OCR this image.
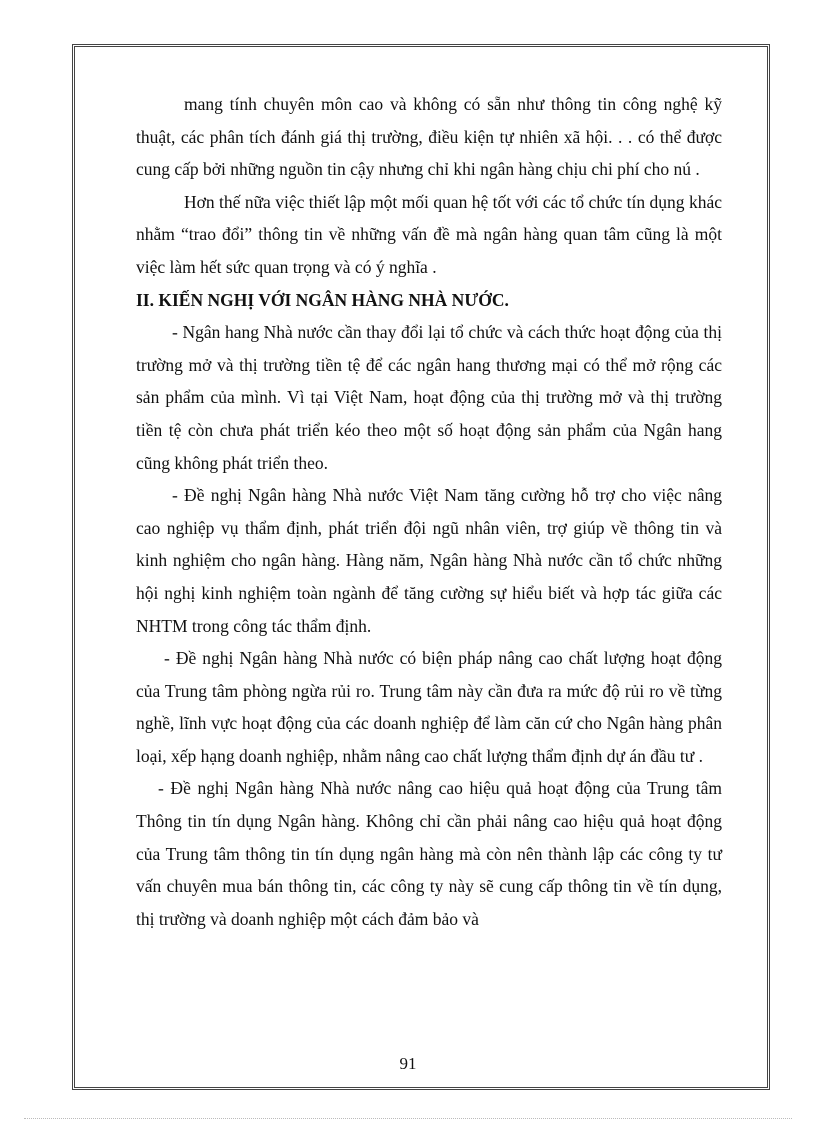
mang tính chuyên môn cao và không có sẵn như thông tin công nghệ kỹ thuật, các phân tích đánh giá thị trường, điều kiện tự nhiên xã hội. . . có thể được cung cấp bởi những nguồn tin cậy nhưng chỉ khi ngân hàng chịu chi phí cho nú .

Hơn thế nữa việc thiết lập một mối quan hệ tốt với các tổ chức tín dụng khác nhằm “trao đổi” thông tin về những vấn đề mà ngân hàng quan tâm cũng là một việc làm hết sức quan trọng và có ý nghĩa .

II. KIẾN NGHỊ VỚI NGÂN HÀNG NHÀ NƯỚC.

- Ngân hang Nhà nước cần thay đổi lại tổ chức và cách thức hoạt động của thị trường mở và thị trường tiền tệ để các ngân hang thương mại có thể mở rộng các sản phẩm của mình. Vì tại Việt Nam, hoạt động của thị trường mở và thị trường tiền tệ còn chưa phát triển kéo theo một số hoạt động sản phẩm của Ngân hang cũng không phát triển theo.

- Đề nghị Ngân hàng Nhà nước Việt Nam tăng cường hỗ trợ cho việc nâng cao nghiệp vụ thẩm định, phát triển đội ngũ nhân viên, trợ giúp về thông tin và kinh nghiệm cho ngân hàng. Hàng năm, Ngân hàng Nhà nước cần tổ chức những hội nghị kinh nghiệm toàn ngành để tăng cường sự hiểu biết và hợp tác giữa các NHTM trong công tác thẩm định.

- Đề nghị Ngân hàng Nhà nước có biện pháp nâng cao chất lượng hoạt động của Trung tâm phòng ngừa rủi ro. Trung tâm này cần đưa ra mức độ rủi ro về từng nghề, lĩnh vực hoạt động của các doanh nghiệp để làm căn cứ cho Ngân hàng phân loại, xếp hạng doanh nghiệp, nhằm nâng cao chất lượng thẩm định dự án đầu tư .

- Đề nghị Ngân hàng Nhà nước nâng cao hiệu quả hoạt động của Trung tâm Thông tin tín dụng Ngân hàng. Không chỉ cần phải nâng cao hiệu quả hoạt động của Trung tâm thông tin tín dụng ngân hàng mà còn nên thành lập các công ty tư vấn chuyên mua bán thông tin, các công ty này sẽ cung cấp thông tin về tín dụng, thị trường và doanh nghiệp một cách đảm bảo và

91
